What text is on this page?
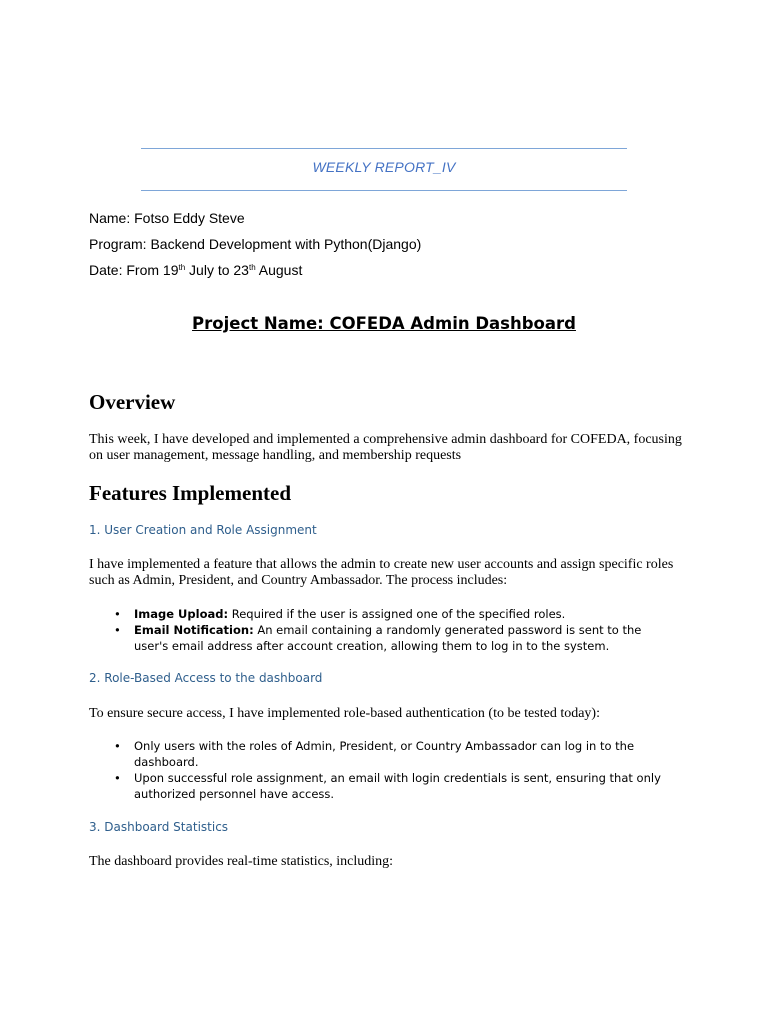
WEEKLY REPORT_IV
Name: Fotso Eddy Steve
Program: Backend Development with Python(Django)
Date: From 19th July to 23th August
Project Name: COFEDA Admin Dashboard
Overview
This week, I have developed and implemented a comprehensive admin dashboard for COFEDA, focusing on user management, message handling, and membership requests
Features Implemented
1. User Creation and Role Assignment
I have implemented a feature that allows the admin to create new user accounts and assign specific roles such as Admin, President, and Country Ambassador. The process includes:
• Image Upload: Required if the user is assigned one of the specified roles.
• Email Notification: An email containing a randomly generated password is sent to the user's email address after account creation, allowing them to log in to the system.
2. Role-Based Access to the dashboard
To ensure secure access, I have implemented role-based authentication (to be tested today):
• Only users with the roles of Admin, President, or Country Ambassador can log in to the dashboard.
• Upon successful role assignment, an email with login credentials is sent, ensuring that only authorized personnel have access.
3. Dashboard Statistics
The dashboard provides real-time statistics, including:
